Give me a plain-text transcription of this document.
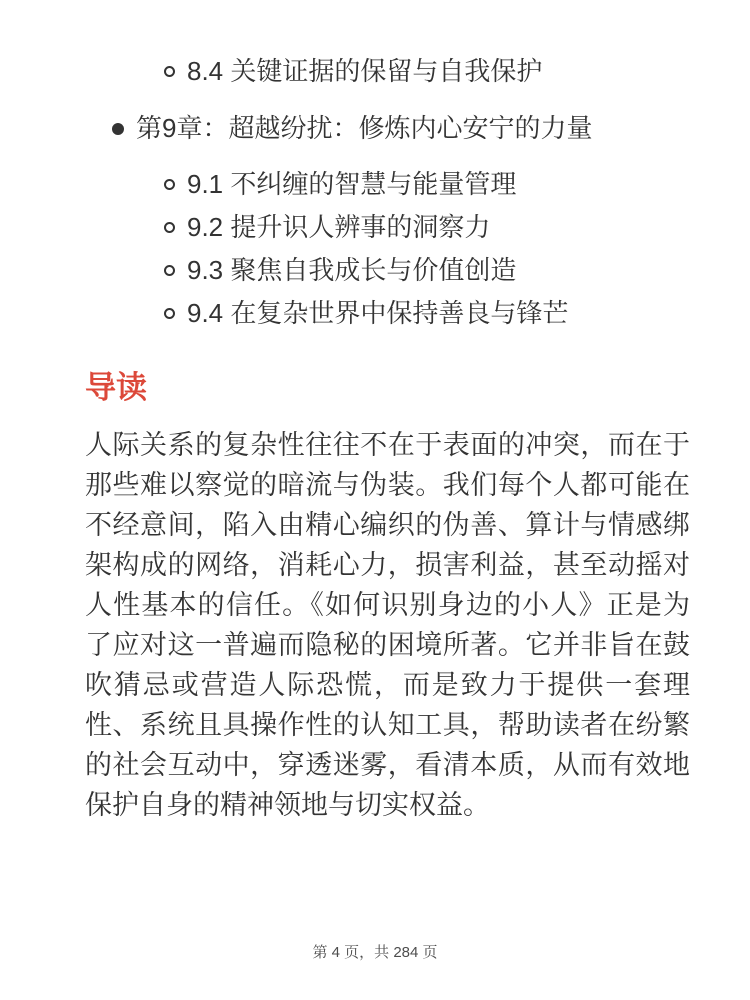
8.4 关键证据的保留与自我保护
第9章：超越纷扰：修炼内心安宁的力量
9.1 不纠缠的智慧与能量管理
9.2 提升识人辨事的洞察力
9.3 聚焦自我成长与价值创造
9.4 在复杂世界中保持善良与锋芒
导读

人际关系的复杂性往往不在于表面的冲突，而在于那些难以察觉的暗流与伪装。我们每个人都可能在不经意间，陷入由精心编织的伪善、算计与情感绑架构成的网络，消耗心力，损害利益，甚至动摇对人性基本的信任。《如何识别身边的小人》正是为了应对这一普遍而隐秘的困境所著。它并非旨在鼓吹猜忌或营造人际恐慌，而是致力于提供一套理性、系统且具操作性的认知工具，帮助读者在纷繁的社会互动中，穿透迷雾，看清本质，从而有效地保护自身的精神领地与切实权益。

第 4 页，共 284 页
